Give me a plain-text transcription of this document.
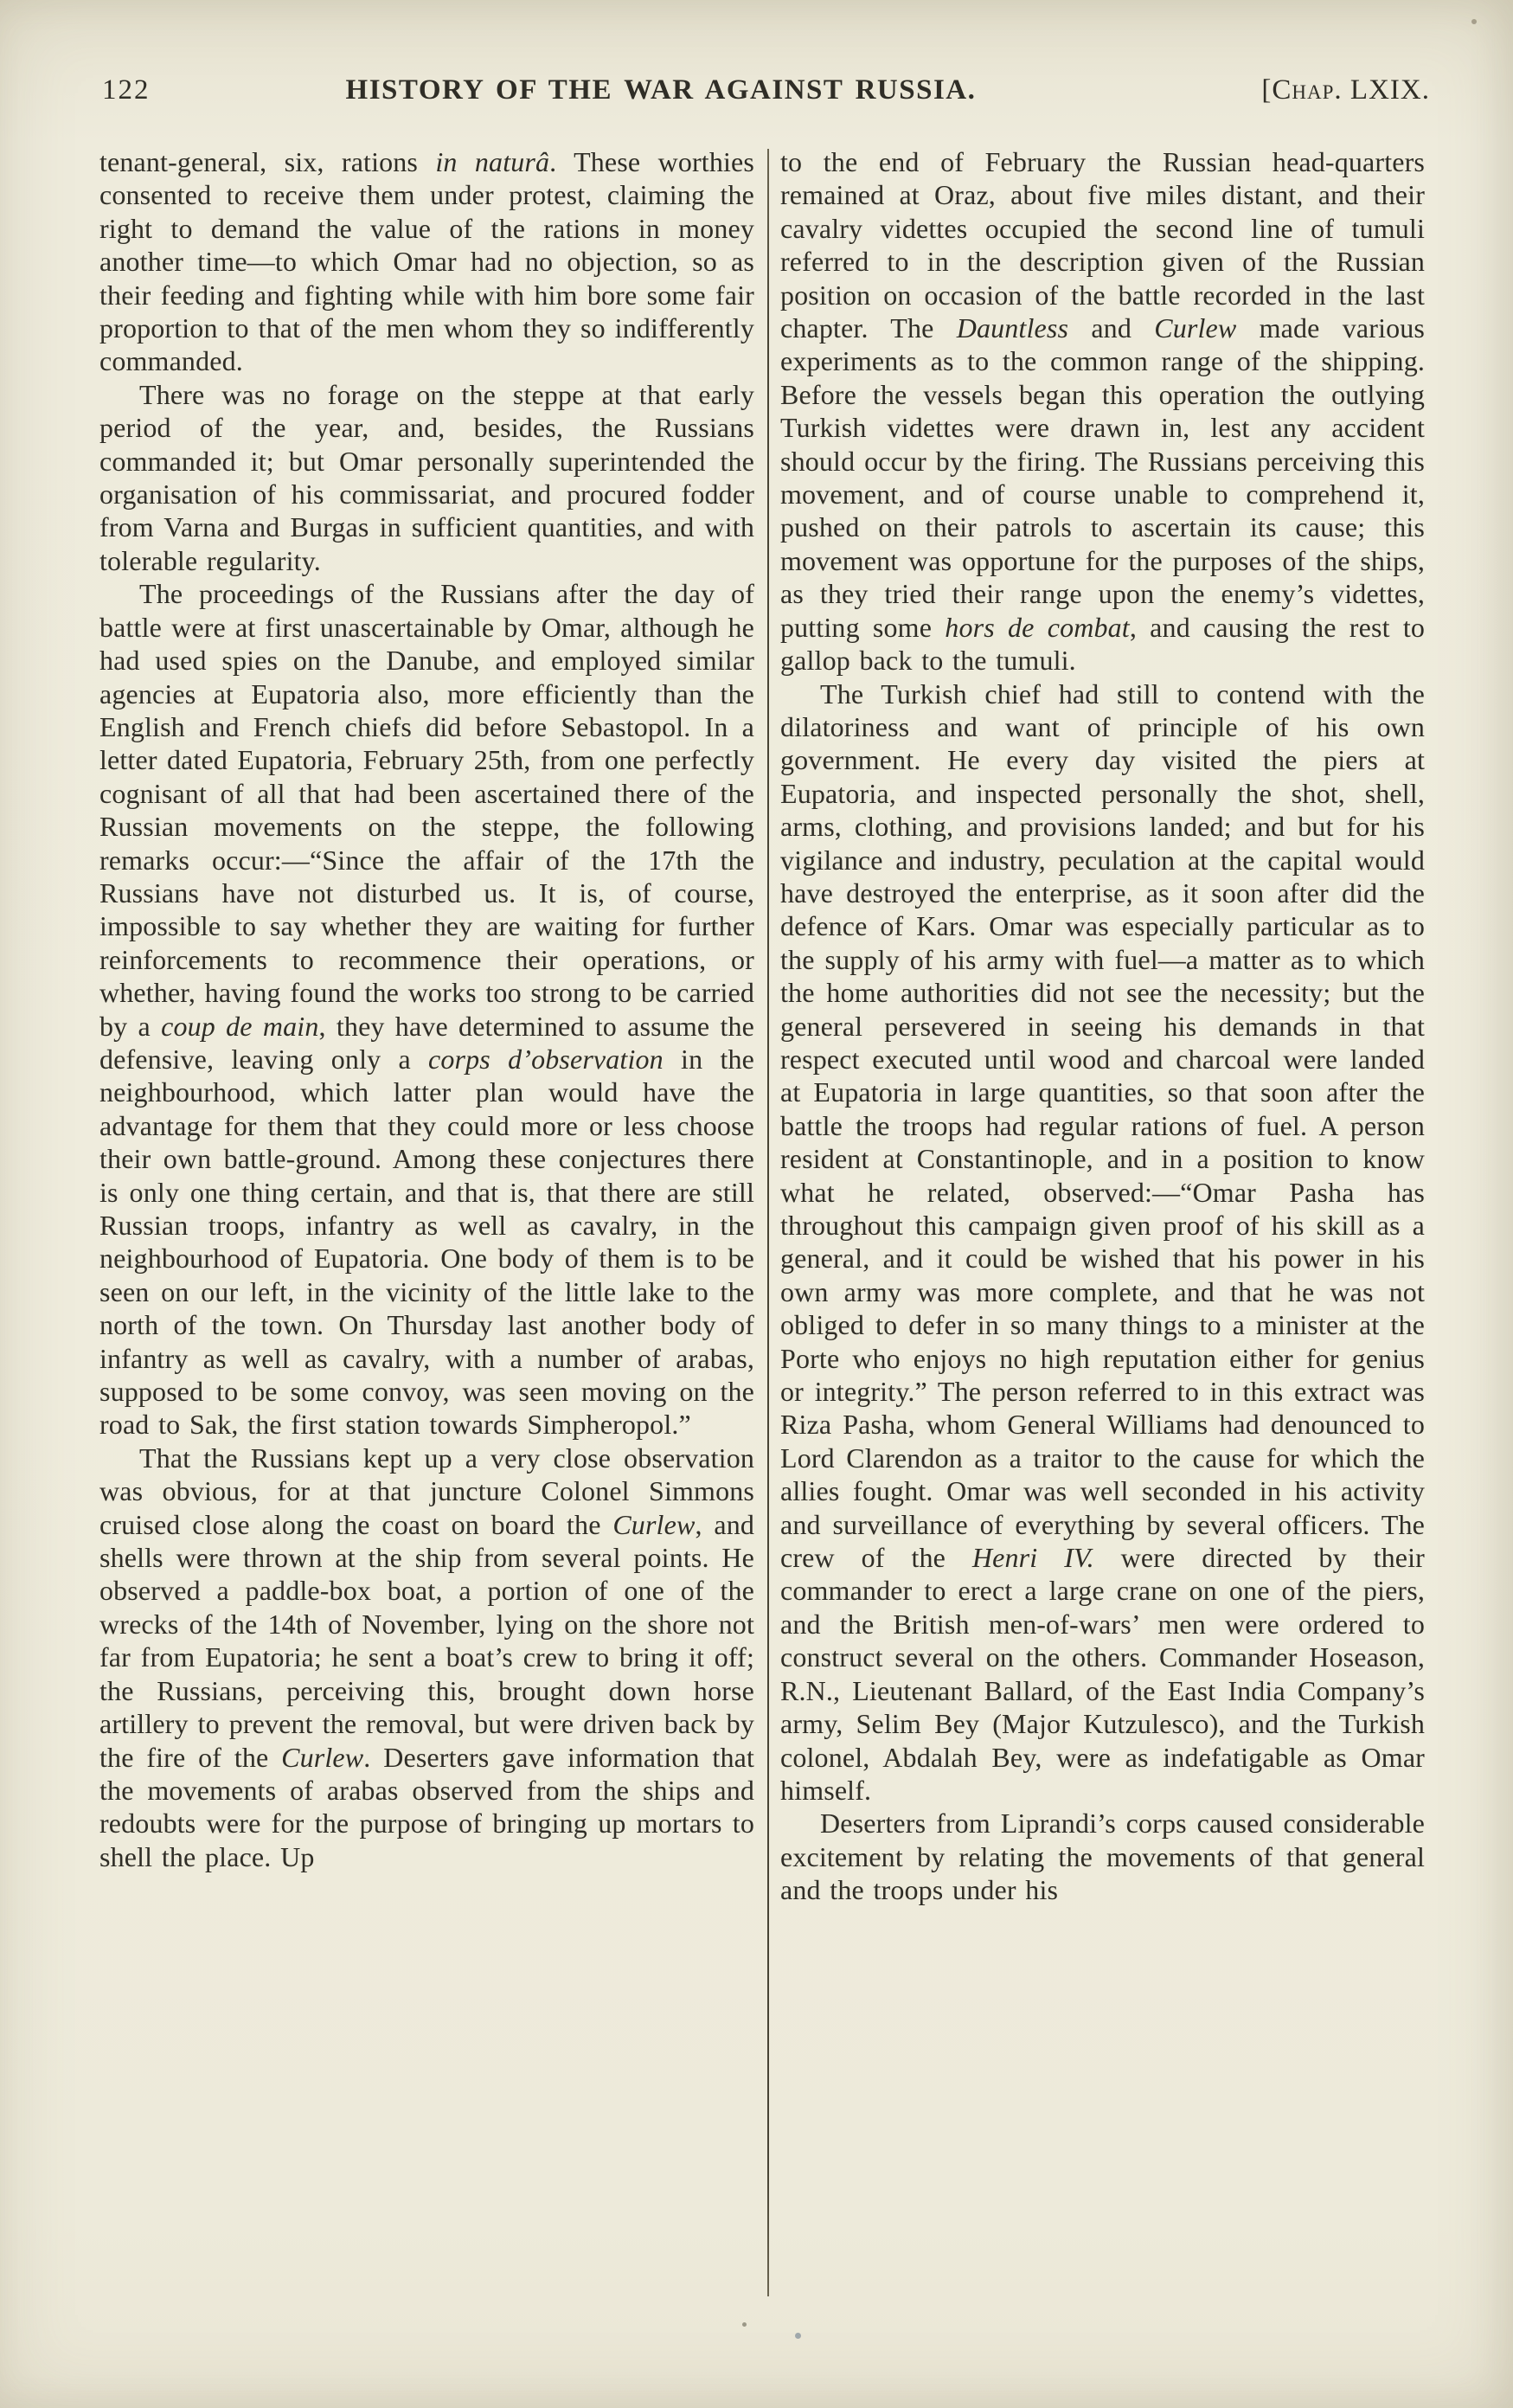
122	HISTORY OF THE WAR AGAINST RUSSIA.	[Chap. LXIX.
tenant-general, six, rations in naturâ. These worthies consented to receive them under protest, claiming the right to demand the value of the rations in money another time—to which Omar had no objection, so as their feeding and fighting while with him bore some fair proportion to that of the men whom they so indifferently commanded.
There was no forage on the steppe at that early period of the year, and, besides, the Russians commanded it; but Omar personally superintended the organisation of his commissariat, and procured fodder from Varna and Burgas in sufficient quantities, and with tolerable regularity.
The proceedings of the Russians after the day of battle were at first unascertainable by Omar, although he had used spies on the Danube, and employed similar agencies at Eupatoria also, more efficiently than the English and French chiefs did before Sebastopol. In a letter dated Eupatoria, February 25th, from one perfectly cognisant of all that had been ascertained there of the Russian movements on the steppe, the following remarks occur:—“Since the affair of the 17th the Russians have not disturbed us. It is, of course, impossible to say whether they are waiting for further reinforcements to recommence their operations, or whether, having found the works too strong to be carried by a coup de main, they have determined to assume the defensive, leaving only a corps d’observation in the neighbourhood, which latter plan would have the advantage for them that they could more or less choose their own battle-ground. Among these conjectures there is only one thing certain, and that is, that there are still Russian troops, infantry as well as cavalry, in the neighbourhood of Eupatoria. One body of them is to be seen on our left, in the vicinity of the little lake to the north of the town. On Thursday last another body of infantry as well as cavalry, with a number of arabas, supposed to be some convoy, was seen moving on the road to Sak, the first station towards Simpheropol.”
That the Russians kept up a very close observation was obvious, for at that juncture Colonel Simmons cruised close along the coast on board the Curlew, and shells were thrown at the ship from several points. He observed a paddle-box boat, a portion of one of the wrecks of the 14th of November, lying on the shore not far from Eupatoria; he sent a boat’s crew to bring it off; the Russians, perceiving this, brought down horse artillery to prevent the removal, but were driven back by the fire of the Curlew. Deserters gave information that the movements of arabas observed from the ships and redoubts were for the purpose of bringing up mortars to shell the place. Up
to the end of February the Russian head-quarters remained at Oraz, about five miles distant, and their cavalry videttes occupied the second line of tumuli referred to in the description given of the Russian position on occasion of the battle recorded in the last chapter. The Dauntless and Curlew made various experiments as to the common range of the shipping. Before the vessels began this operation the outlying Turkish videttes were drawn in, lest any accident should occur by the firing. The Russians perceiving this movement, and of course unable to comprehend it, pushed on their patrols to ascertain its cause; this movement was opportune for the purposes of the ships, as they tried their range upon the enemy’s videttes, putting some hors de combat, and causing the rest to gallop back to the tumuli.
The Turkish chief had still to contend with the dilatoriness and want of principle of his own government. He every day visited the piers at Eupatoria, and inspected personally the shot, shell, arms, clothing, and provisions landed; and but for his vigilance and industry, peculation at the capital would have destroyed the enterprise, as it soon after did the defence of Kars. Omar was especially particular as to the supply of his army with fuel—a matter as to which the home authorities did not see the necessity; but the general persevered in seeing his demands in that respect executed until wood and charcoal were landed at Eupatoria in large quantities, so that soon after the battle the troops had regular rations of fuel. A person resident at Constantinople, and in a position to know what he related, observed:—“Omar Pasha has throughout this campaign given proof of his skill as a general, and it could be wished that his power in his own army was more complete, and that he was not obliged to defer in so many things to a minister at the Porte who enjoys no high reputation either for genius or integrity.” The person referred to in this extract was Riza Pasha, whom General Williams had denounced to Lord Clarendon as a traitor to the cause for which the allies fought. Omar was well seconded in his activity and surveillance of everything by several officers. The crew of the Henri IV. were directed by their commander to erect a large crane on one of the piers, and the British men-of-wars’ men were ordered to construct several on the others. Commander Hoseason, R.N., Lieutenant Ballard, of the East India Company’s army, Selim Bey (Major Kutzulesco), and the Turkish colonel, Abdalah Bey, were as indefatigable as Omar himself.
Deserters from Liprandi’s corps caused considerable excitement by relating the movements of that general and the troops under his
